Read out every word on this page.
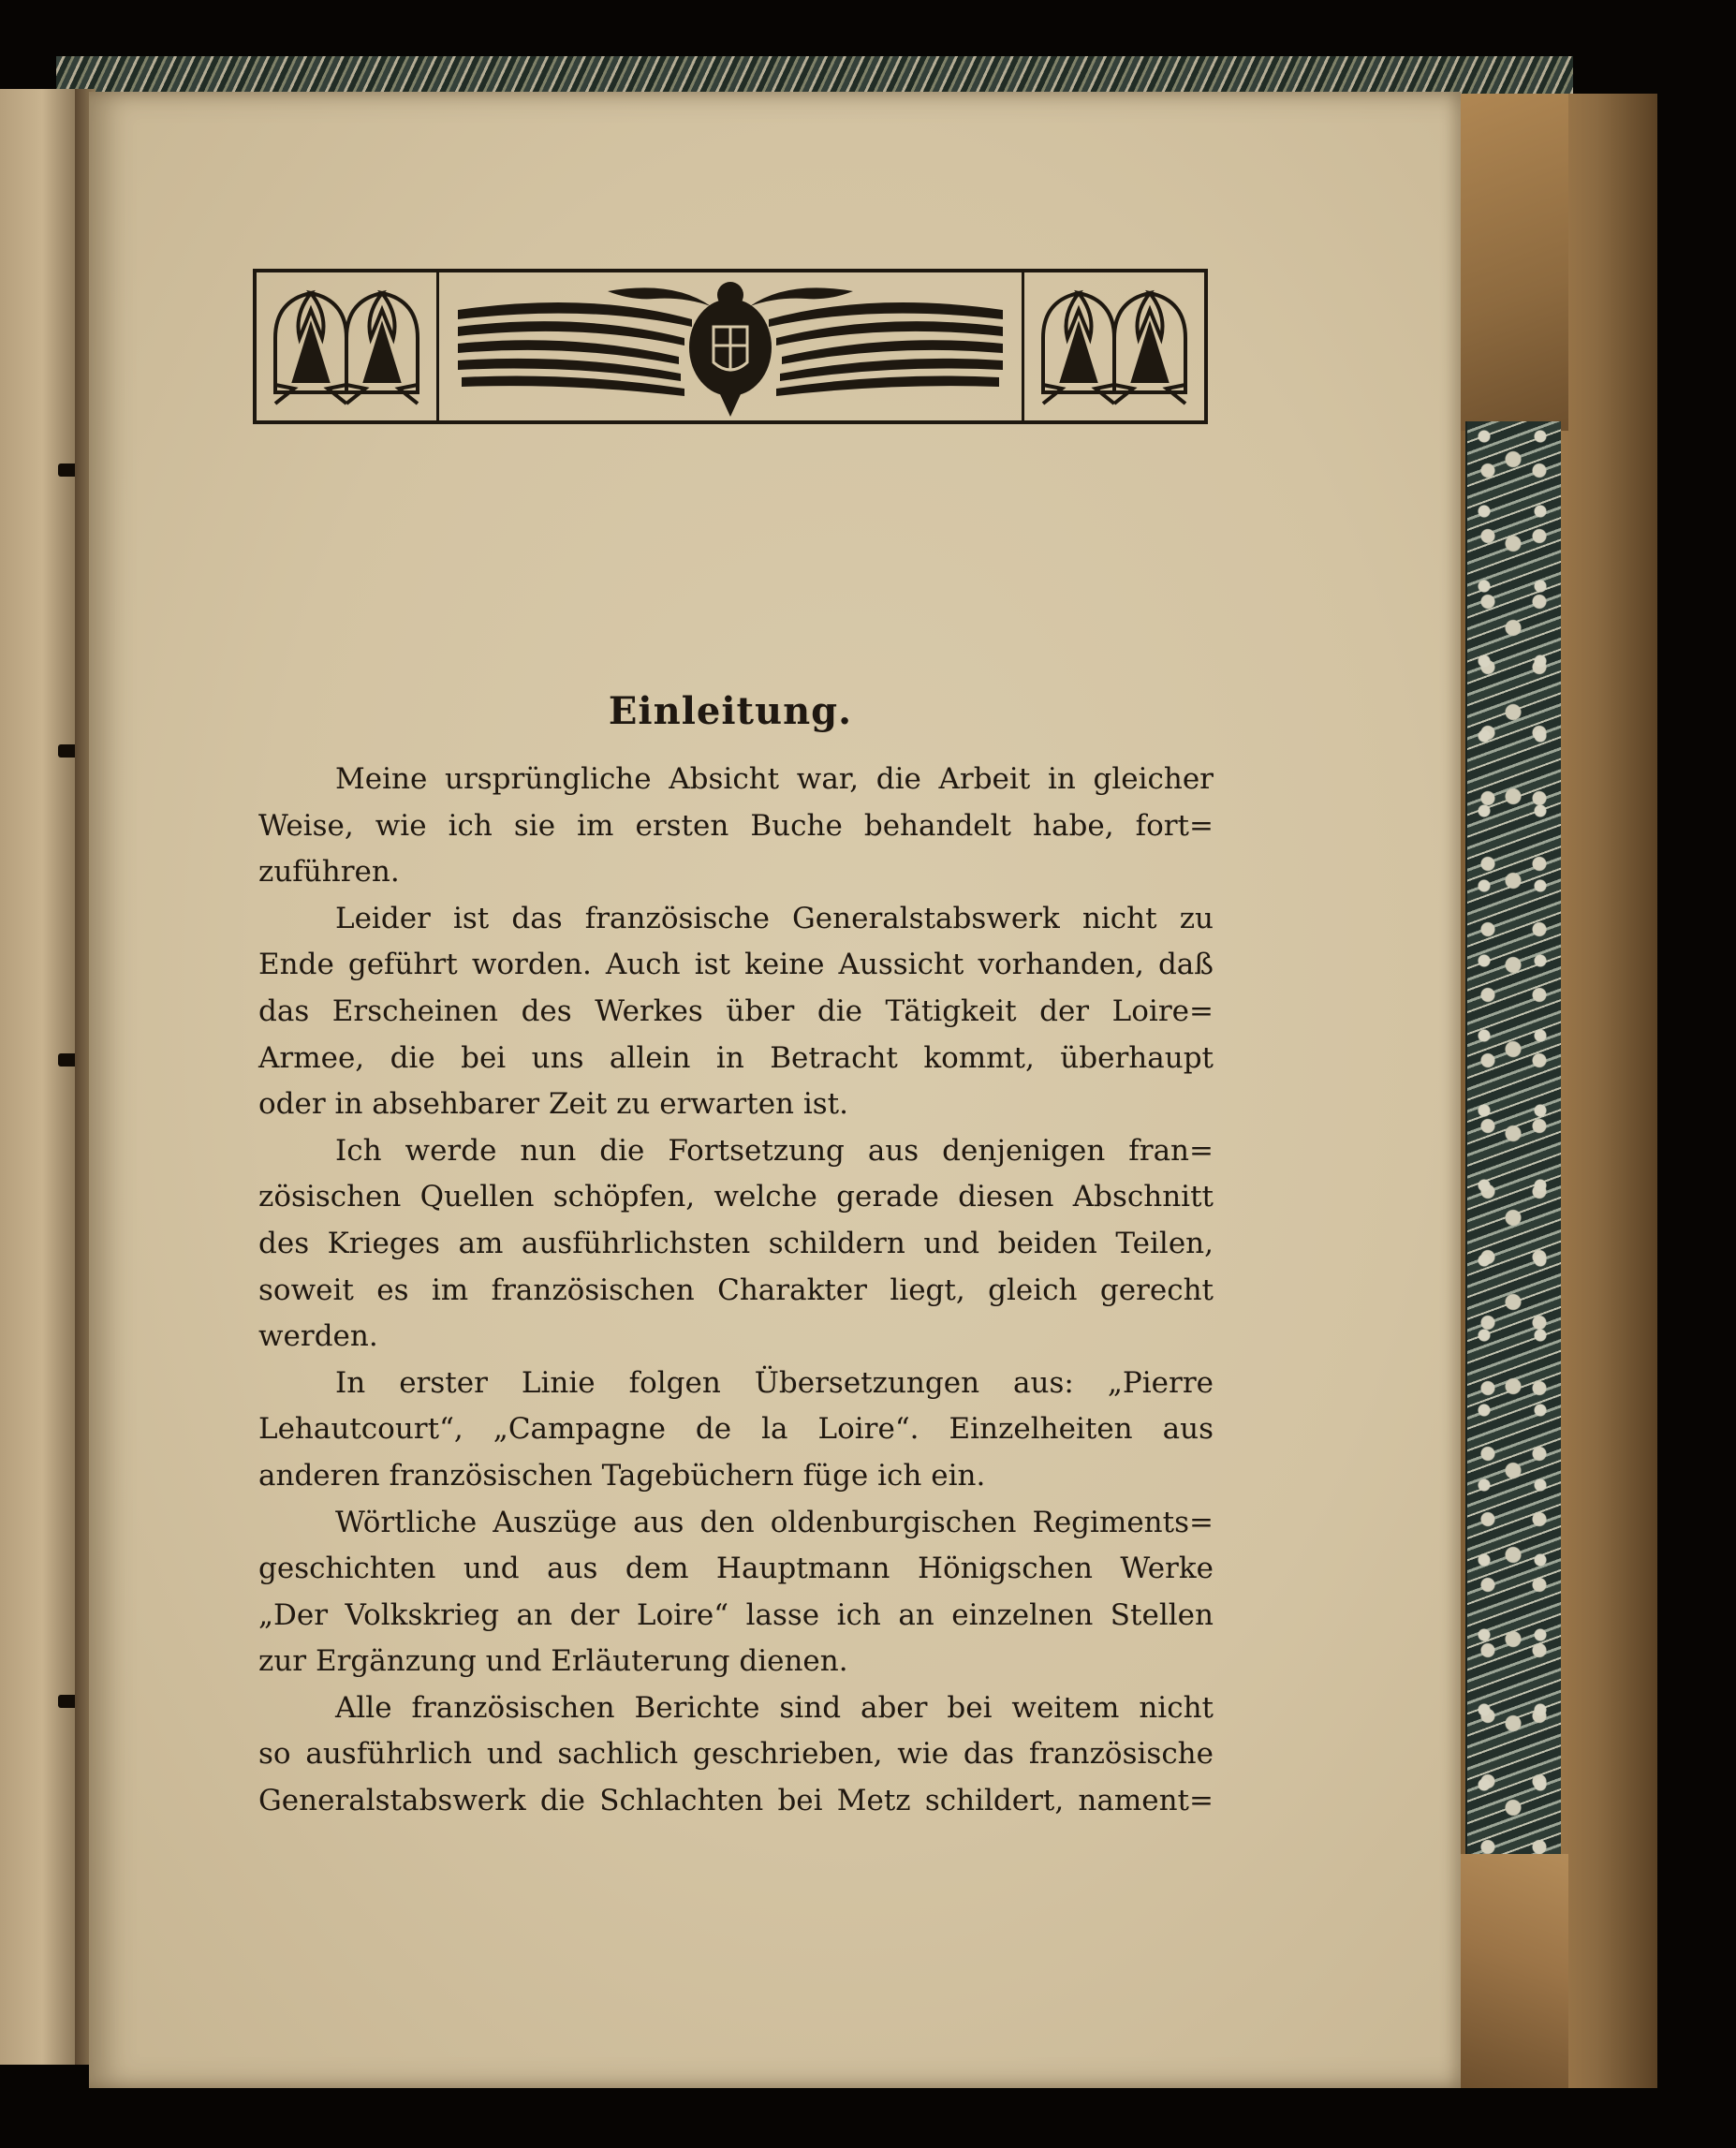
Einleitung.

Meine ursprüngliche Absicht war, die Arbeit in gleicher
Weise, wie ich sie im ersten Buche behandelt habe, fort=
zuführen.

Leider ist das französische Generalstabswerk nicht zu
Ende geführt worden. Auch ist keine Aussicht vorhanden, daß
das Erscheinen des Werkes über die Tätigkeit der Loire=
Armee, die bei uns allein in Betracht kommt, überhaupt
oder in absehbarer Zeit zu erwarten ist.

Ich werde nun die Fortsetzung aus denjenigen fran=
zösischen Quellen schöpfen, welche gerade diesen Abschnitt
des Krieges am ausführlichsten schildern und beiden Teilen,
soweit es im französischen Charakter liegt, gleich gerecht
werden.

In erster Linie folgen Übersetzungen aus: „Pierre
Lehautcourt“, „Campagne de la Loire“. Einzelheiten aus
anderen französischen Tagebüchern füge ich ein.

Wörtliche Auszüge aus den oldenburgischen Regiments=
geschichten und aus dem Hauptmann Hönigschen Werke
„Der Volkskrieg an der Loire“ lasse ich an einzelnen Stellen
zur Ergänzung und Erläuterung dienen.

Alle französischen Berichte sind aber bei weitem nicht
so ausführlich und sachlich geschrieben, wie das französische
Generalstabswerk die Schlachten bei Metz schildert, nament=
